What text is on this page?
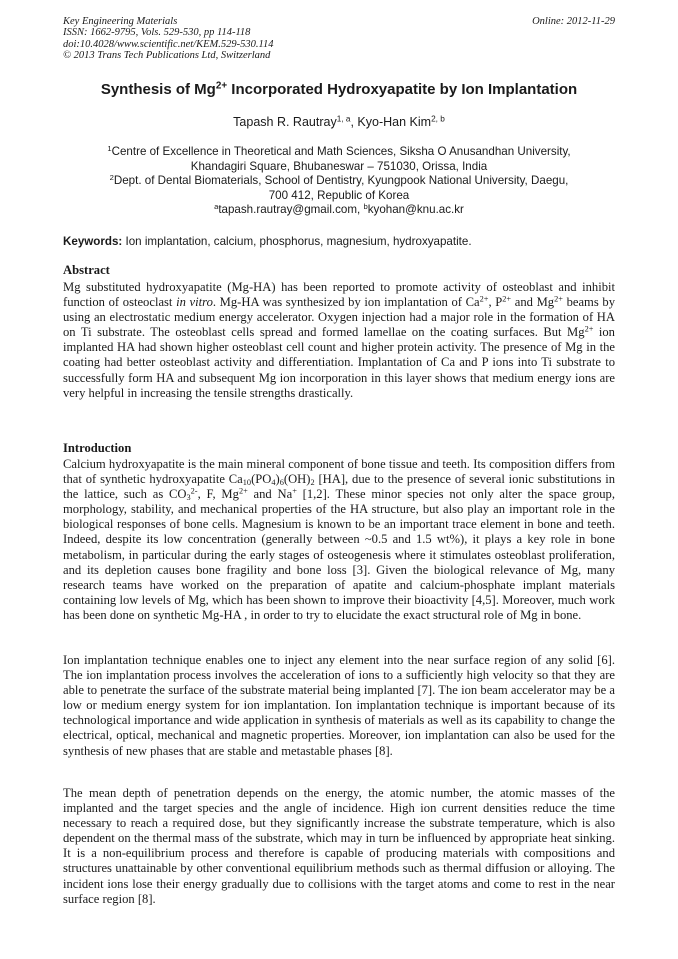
Key Engineering Materials
ISSN: 1662-9795, Vols. 529-530, pp 114-118
doi:10.4028/www.scientific.net/KEM.529-530.114
© 2013 Trans Tech Publications Ltd, Switzerland
Online: 2012-11-29
Synthesis of $Mg^{2+}$ Incorporated Hydroxyapatite by Ion Implantation
Tapash R. Rautray$^{1, a}$, Kyo-Han Kim$^{2, b}$
$^1$Centre of Excellence in Theoretical and Math Sciences, Siksha O Anusandhan University,
Khandagiri Square, Bhubaneswar – 751030, Orissa, India
$^2$Dept. of Dental Biomaterials, School of Dentistry, Kyungpook National University, Daegu,
700 412, Republic of Korea
$^a$tapash.rautray@gmail.com, $^b$kyohan@knu.ac.kr
Keywords: Ion implantation, calcium, phosphorus, magnesium, hydroxyapatite.
Abstract

Mg substituted hydroxyapatite (Mg-HA) has been reported to promote activity of osteoblast and inhibit function of osteoclast in vitro. Mg-HA was synthesized by ion implantation of $Ca^{2+}$, $P^{2+}$ and $Mg^{2+}$ beams by using an electrostatic medium energy accelerator. Oxygen injection had a major role in the formation of HA on Ti substrate. The osteoblast cells spread and formed lamellae on the coating surfaces. But $Mg^{2+}$ ion implanted HA had shown higher osteoblast cell count and higher protein activity. The presence of Mg in the coating had better osteoblast activity and differentiation. Implantation of Ca and P ions into Ti substrate to successfully form HA and subsequent Mg ion incorporation in this layer shows that medium energy ions are very helpful in increasing the tensile strengths drastically.

Introduction

Calcium hydroxyapatite is the main mineral component of bone tissue and teeth. Its composition differs from that of synthetic hydroxyapatite $Ca_{10}(PO_4)_6(OH)_2$ [HA], due to the presence of several ionic substitutions in the lattice, such as $CO_3^{2-}$, F, $Mg^{2+}$ and Na+ [1,2]. These minor species not only alter the space group, morphology, stability, and mechanical properties of the HA structure, but also play an important role in the biological responses of bone cells. Magnesium is known to be an important trace element in bone and teeth. Indeed, despite its low concentration (generally between ~0.5 and 1.5 wt%), it plays a key role in bone metabolism, in particular during the early stages of osteogenesis where it stimulates osteoblast proliferation, and its depletion causes bone fragility and bone loss [3]. Given the biological relevance of Mg, many research teams have worked on the preparation of apatite and calcium-phosphate implant materials containing low levels of Mg, which has been shown to improve their bioactivity [4,5]. Moreover, much work has been done on synthetic Mg-HA , in order to try to elucidate the exact structural role of Mg in bone.

Ion implantation technique enables one to inject any element into the near surface region of any solid [6]. The ion implantation process involves the acceleration of ions to a sufficiently high velocity so that they are able to penetrate the surface of the substrate material being implanted [7]. The ion beam accelerator may be a low or medium energy system for ion implantation. Ion implantation technique is important because of its technological importance and wide application in synthesis of materials as well as its capability to change the electrical, optical, mechanical and magnetic properties. Moreover, ion implantation can also be used for the synthesis of new phases that are stable and metastable phases [8].

The mean depth of penetration depends on the energy, the atomic number, the atomic masses of the implanted and the target species and the angle of incidence. High ion current densities reduce the time necessary to reach a required dose, but they significantly increase the substrate temperature, which is also dependent on the thermal mass of the substrate, which may in turn be influenced by appropriate heat sinking. It is a non-equilibrium process and therefore is capable of producing materials with compositions and structures unattainable by other conventional equilibrium methods such as thermal diffusion or alloying. The incident ions lose their energy gradually due to collisions with the target atoms and come to rest in the near surface region [8].
